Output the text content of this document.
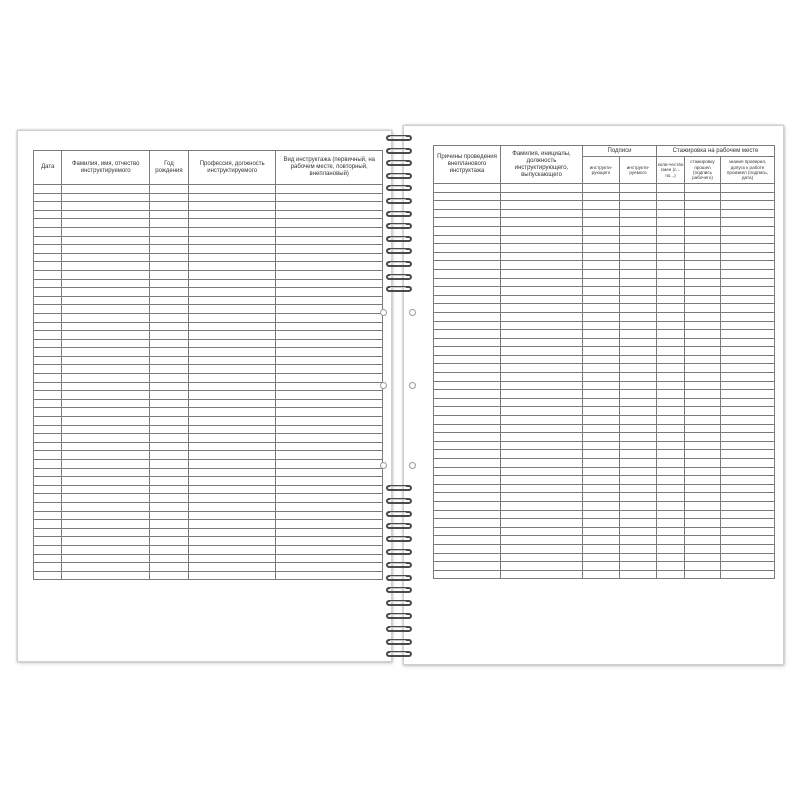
Дата	Фамилия, имя, отчество инструктируемого	Год рождения	Профессия, должность инструктируемого	Вид инструктажа (первичный, на рабочем месте, повторный, внеплановый)

Причины проведения внепланового инструктажа	Фамилия, инициалы, должность инструктирующего, выпускающего	Подписи		Стажировка на рабочем месте		
		инструкти-рующего	инструкти-руемого	коли-чество смен (с... по...)	стажировку прошел (подпись рабочего)	знания проверил, допуск к работе произвел (подпись, дата)
